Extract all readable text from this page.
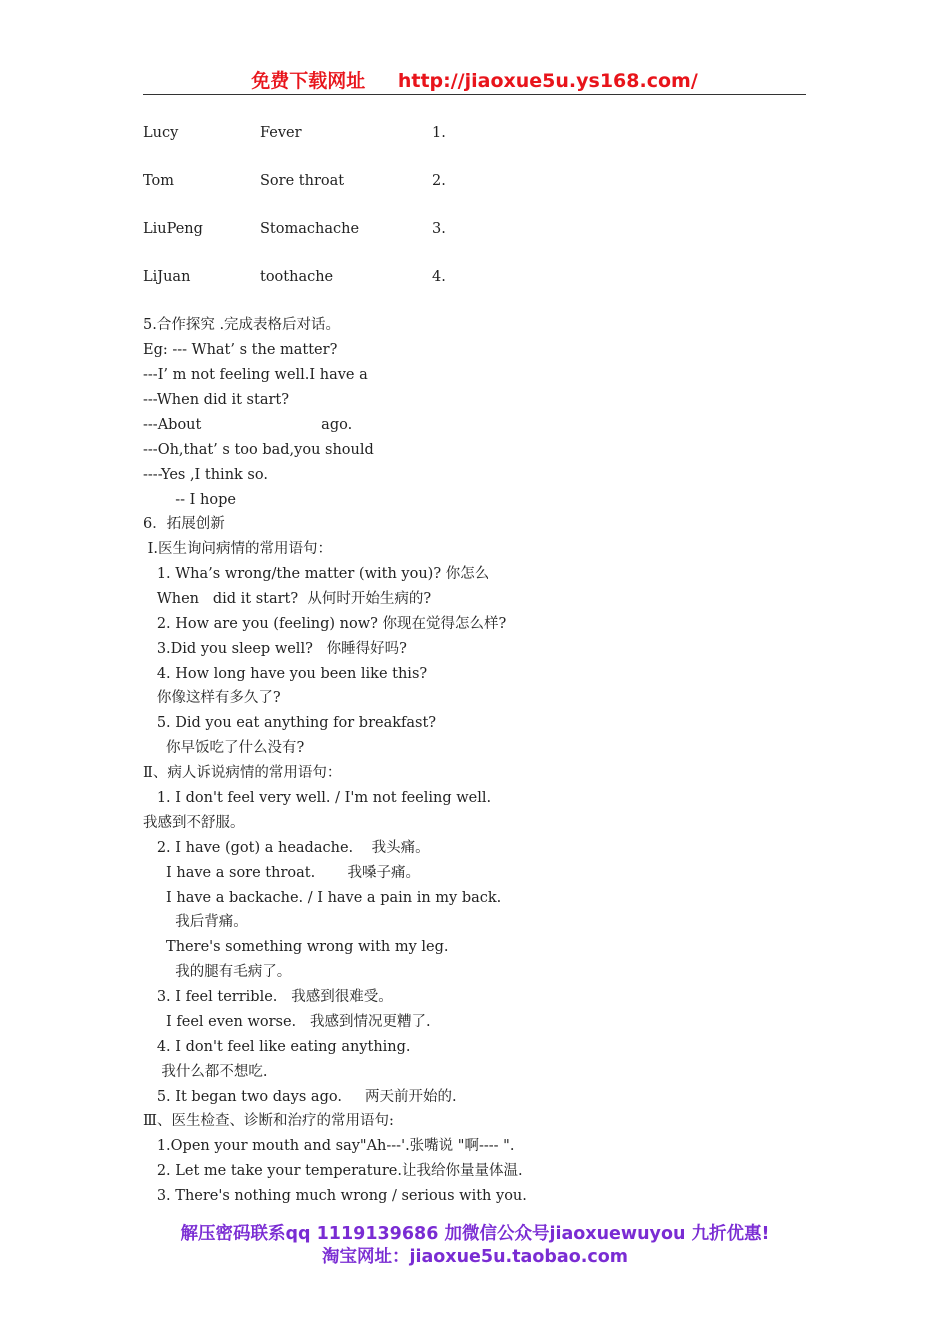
免费下载网址 http://jiaoxue5u.ys168.com/
Lucy	Fever	1.
Tom	Sore throat	2.
LiuPeng	Stomachache	3.
LiJuan	toothache	4.
5.合作探究 .完成表格后对话。
Eg: --- What’ s the matter?
---I’ m not feeling well.I have a
---When did it start?
---About                          ago.
---Oh,that’ s too bad,you should
----Yes ,I think so.
-- I hope
6．拓展创新
Ⅰ.医生询问病情的常用语句：
1. Wha’s wrong/the matter (with you)? 你怎么
When   did it start?  从何时开始生病的?
2. How are you (feeling) now? 你现在觉得怎么样?
3.Did you sleep well?   你睡得好吗?
4. How long have you been like this?
你像这样有多久了?
5. Did you eat anything for breakfast?
你早饭吃了什么没有?
Ⅱ、病人诉说病情的常用语句：
1. I don't feel very well. / I'm not feeling well.
我感到不舒服。
2. I have (got) a headache.    我头痛。
I have a sore throat.       我嗓子痛。
I have a backache. / I have a pain in my back.
我后背痛。
There's something wrong with my leg.
我的腿有毛病了。
3. I feel terrible.   我感到很难受。
I feel even worse.   我感到情况更糟了.
4. I don't feel like eating anything.
我什么都不想吃.
5. It began two days ago.     两天前开始的.
Ⅲ、医生检查、诊断和治疗的常用语句:
1.Open your mouth and say"Ah---'.张嘴说 "啊---- ".
2. Let me take your temperature.让我给你量量体温.
3. There's nothing much wrong / serious with you.
解压密码联系qq 1119139686 加微信公众号jiaoxuewuyou 九折优惠!
淘宝网址：jiaoxue5u.taobao.com
